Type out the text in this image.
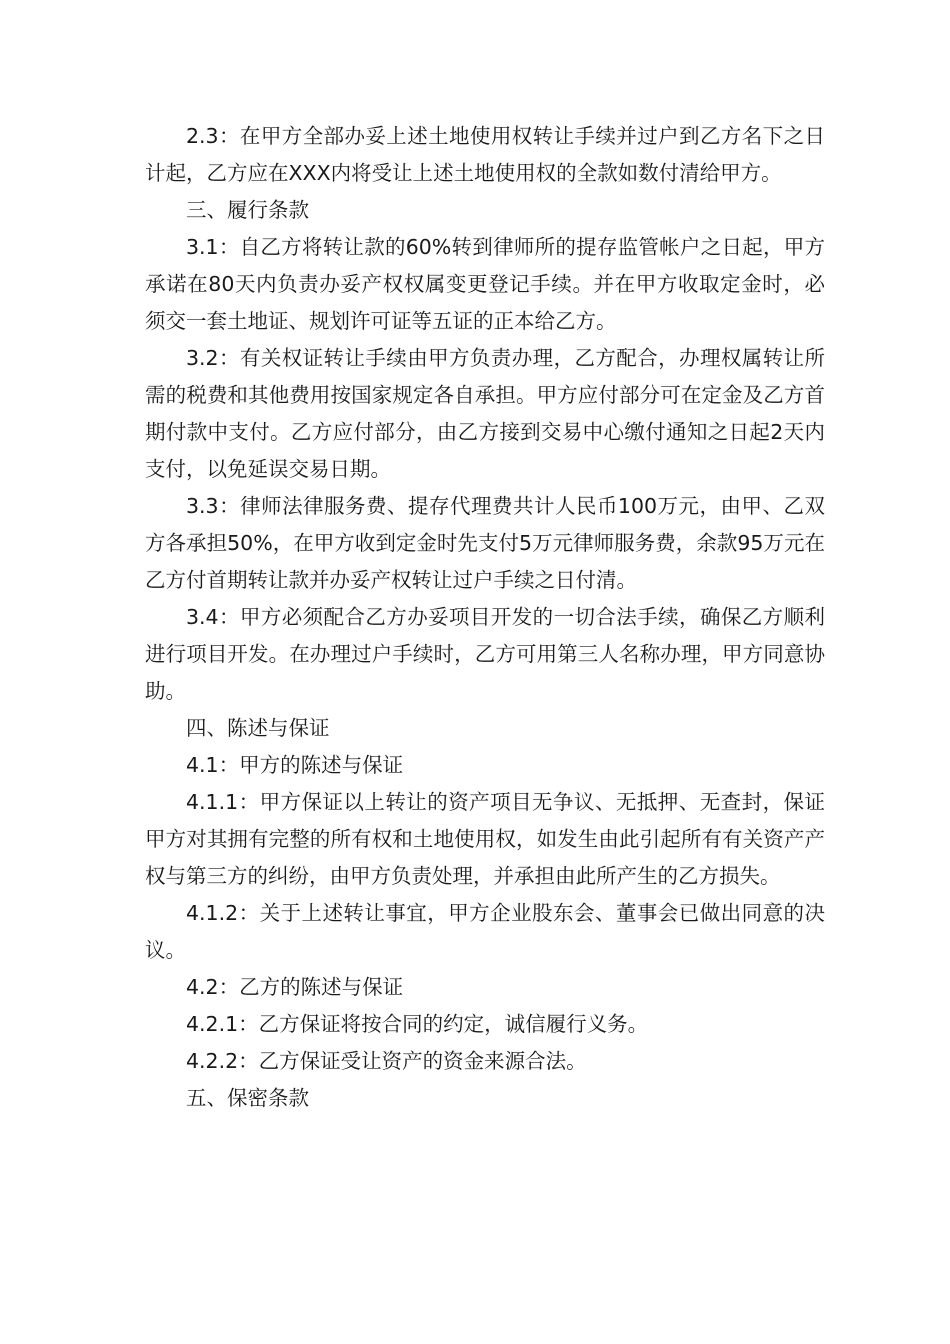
2.3：在甲方全部办妥上述土地使用权转让手续并过户到乙方名下之日计起，乙方应在XXX内将受让上述土地使用权的全款如数付清给甲方。

三、履行条款

3.1：自乙方将转让款的60%转到律师所的提存监管帐户之日起，甲方承诺在80天内负责办妥产权权属变更登记手续。并在甲方收取定金时，必须交一套土地证、规划许可证等五证的正本给乙方。

3.2：有关权证转让手续由甲方负责办理，乙方配合，办理权属转让所需的税费和其他费用按国家规定各自承担。甲方应付部分可在定金及乙方首期付款中支付。乙方应付部分，由乙方接到交易中心缴付通知之日起2天内支付，以免延误交易日期。

3.3：律师法律服务费、提存代理费共计人民币100万元，由甲、乙双方各承担50%，在甲方收到定金时先支付5万元律师服务费，余款95万元在乙方付首期转让款并办妥产权转让过户手续之日付清。

3.4：甲方必须配合乙方办妥项目开发的一切合法手续，确保乙方顺利进行项目开发。在办理过户手续时，乙方可用第三人名称办理，甲方同意协助。

四、陈述与保证

4.1：甲方的陈述与保证

4.1.1：甲方保证以上转让的资产项目无争议、无抵押、无查封，保证甲方对其拥有完整的所有权和土地使用权，如发生由此引起所有有关资产产权与第三方的纠纷，由甲方负责处理，并承担由此所产生的乙方损失。

4.1.2：关于上述转让事宜，甲方企业股东会、董事会已做出同意的决议。

4.2：乙方的陈述与保证

4.2.1：乙方保证将按合同的约定，诚信履行义务。

4.2.2：乙方保证受让资产的资金来源合法。

五、保密条款
